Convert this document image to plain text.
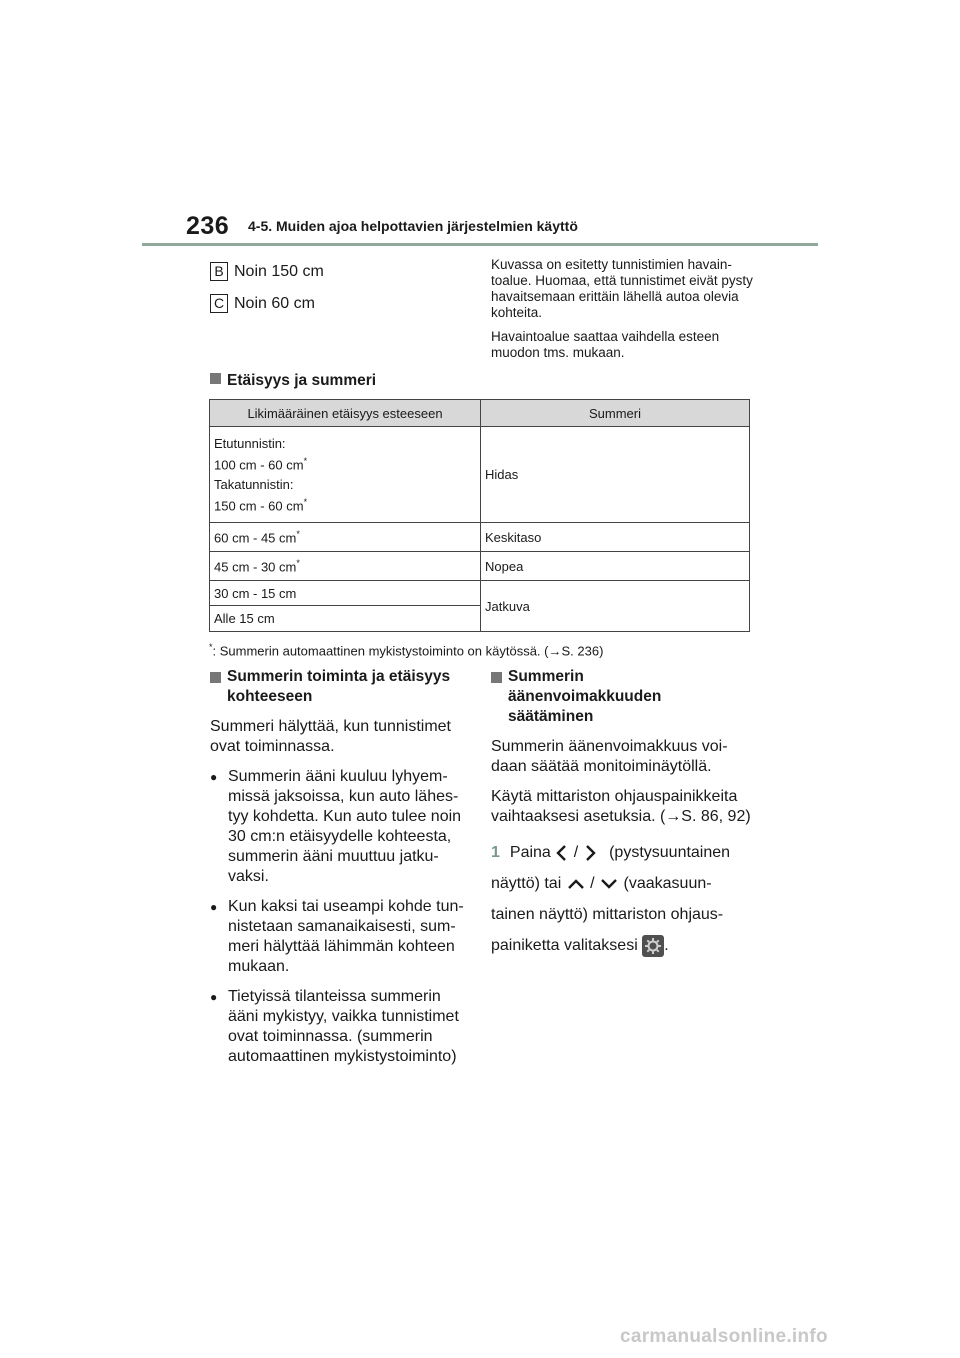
236 4-5. Muiden ajoa helpottavien järjestelmien käyttö
B Noin 150 cm
C Noin 60 cm

Kuvassa on esitetty tunnistimien havain-toalue. Huomaa, että tunnistimet eivät pysty havaitsemaan erittäin lähellä autoa olevia kohteita.

Havaintoalue saattaa vaihdella esteen muodon tms. mukaan.

Etäisyys ja summeri
Likimääräinen etäisyys esteeseen	Summeri

Etutunnistin:
100 cm - 60 cm*
Takatunnistin:
150 cm - 60 cm*	Hidas
60 cm - 45 cm*	Keskitaso
45 cm - 30 cm*	Nopea
30 cm - 15 cm	Jatkuva
Alle 15 cm	
*: Summerin automaattinen mykistystoiminto on käytössä. (→S. 236)
Summerin toiminta ja etäisyys kohteeseen

Summeri hälyttää, kun tunnistimet ovat toiminnassa.

● Summerin ääni kuuluu lyhyem-missä jaksoissa, kun auto lähes-tyy kohdetta. Kun auto tulee noin 30 cm:n etäisyydelle kohteesta, summerin ääni muuttuu jatku-vaksi.
● Kun kaksi tai useampi kohde tun-nistetaan samanaikaisesti, sum-meri hälyttää lähimmän kohteen mukaan.
● Tietyissä tilanteissa summerin ääni mykistyy, vaikka tunnistimet ovat toiminnassa. (summerin automaattinen mykistystoiminto)
Summerin äänenvoimakkuuden säätäminen

Summerin äänenvoimakkuus voi-daan säätää monitoiminäytöllä.

Käytä mittariston ohjauspainikkeita vaihtaaksesi asetuksia. (→S. 86, 92)

1 Paina / (pystysuuntainen näyttö) tai / (vaakasuun-tainen näyttö) mittariston ohjaus-painiketta valitaksesi .
carmanualsonline.info
